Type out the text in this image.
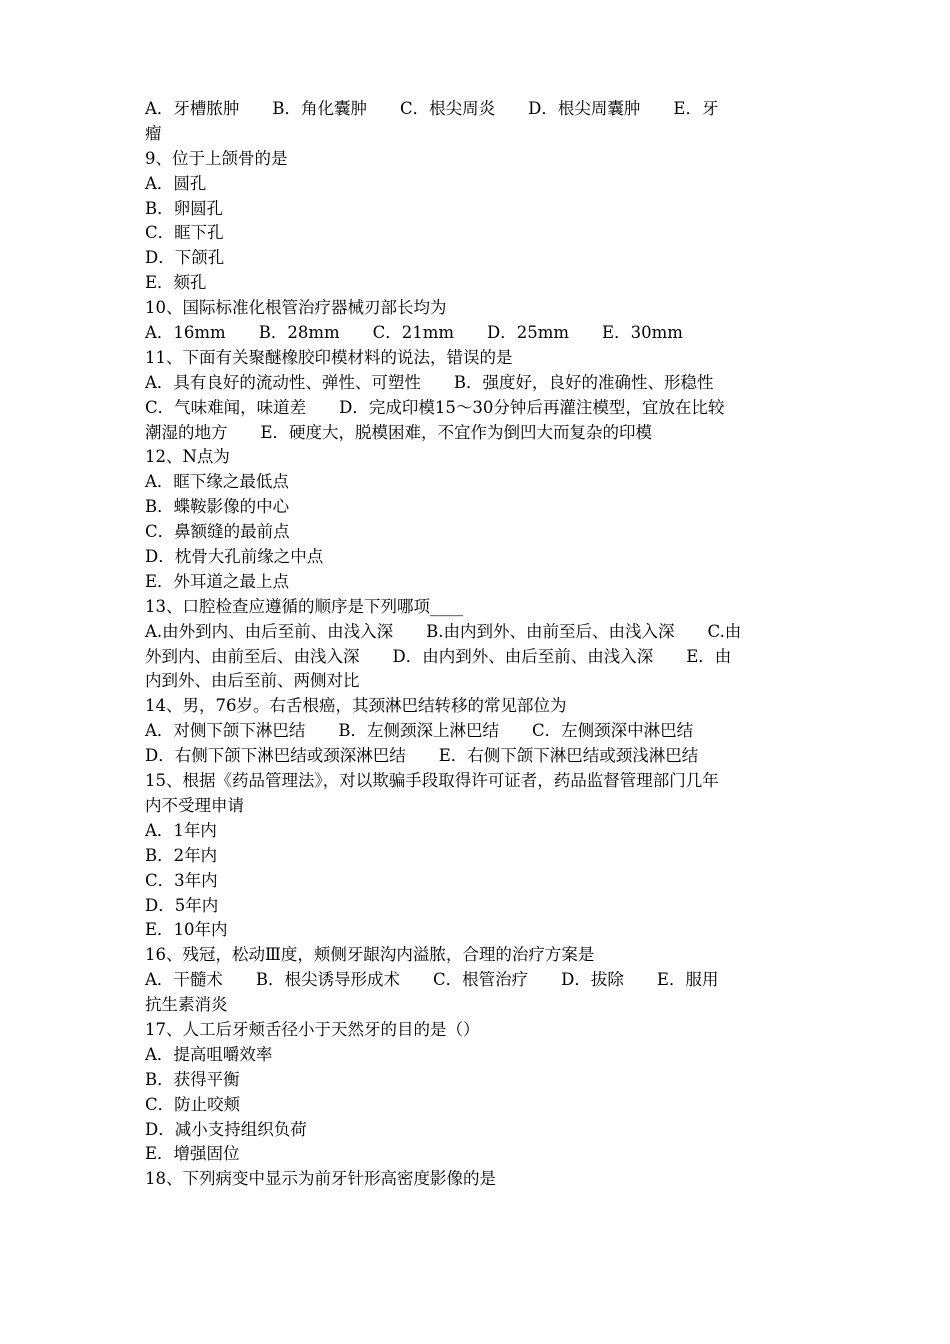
A．牙槽脓肿　　B．角化囊肿　　C．根尖周炎　　D．根尖周囊肿　　E．牙
瘤
9、位于上颌骨的是
A．圆孔
B．卵圆孔
C．眶下孔
D．下颌孔
E．颏孔
10、国际标准化根管治疗器械刃部长均为
A．16mm　　B．28mm　　C．21mm　　D．25mm　　E．30mm
11、下面有关聚醚橡胶印模材料的说法，错误的是
A．具有良好的流动性、弹性、可塑性　　B．强度好，良好的准确性、形稳性
C．气味难闻，味道差　　D．完成印模15～30分钟后再灌注模型，宜放在比较
潮湿的地方　　E．硬度大，脱模困难，不宜作为倒凹大而复杂的印模
12、N点为
A．眶下缘之最低点
B．蝶鞍影像的中心
C．鼻额缝的最前点
D．枕骨大孔前缘之中点
E．外耳道之最上点
13、口腔检查应遵循的顺序是下列哪项____
A.由外到内、由后至前、由浅入深　　B.由内到外、由前至后、由浅入深　　C.由
外到内、由前至后、由浅入深　　D．由内到外、由后至前、由浅入深　　E．由
内到外、由后至前、两侧对比
14、男，76岁。右舌根癌，其颈淋巴结转移的常见部位为
A．对侧下颌下淋巴结　　B．左侧颈深上淋巴结　　C．左侧颈深中淋巴结
D．右侧下颌下淋巴结或颈深淋巴结　　E．右侧下颌下淋巴结或颈浅淋巴结
15、根据《药品管理法》，对以欺骗手段取得许可证者，药品监督管理部门几年
内不受理申请
A．1年内
B．2年内
C．3年内
D．5年内
E．10年内
16、残冠，松动Ⅲ度，颊侧牙龈沟内溢脓，合理的治疗方案是
A．干髓术　　B．根尖诱导形成术　　C．根管治疗　　D．拔除　　E．服用
抗生素消炎
17、人工后牙颊舌径小于天然牙的目的是（）
A．提高咀嚼效率
B．获得平衡
C．防止咬颊
D．减小支持组织负荷
E．增强固位
18、下列病变中显示为前牙针形高密度影像的是
